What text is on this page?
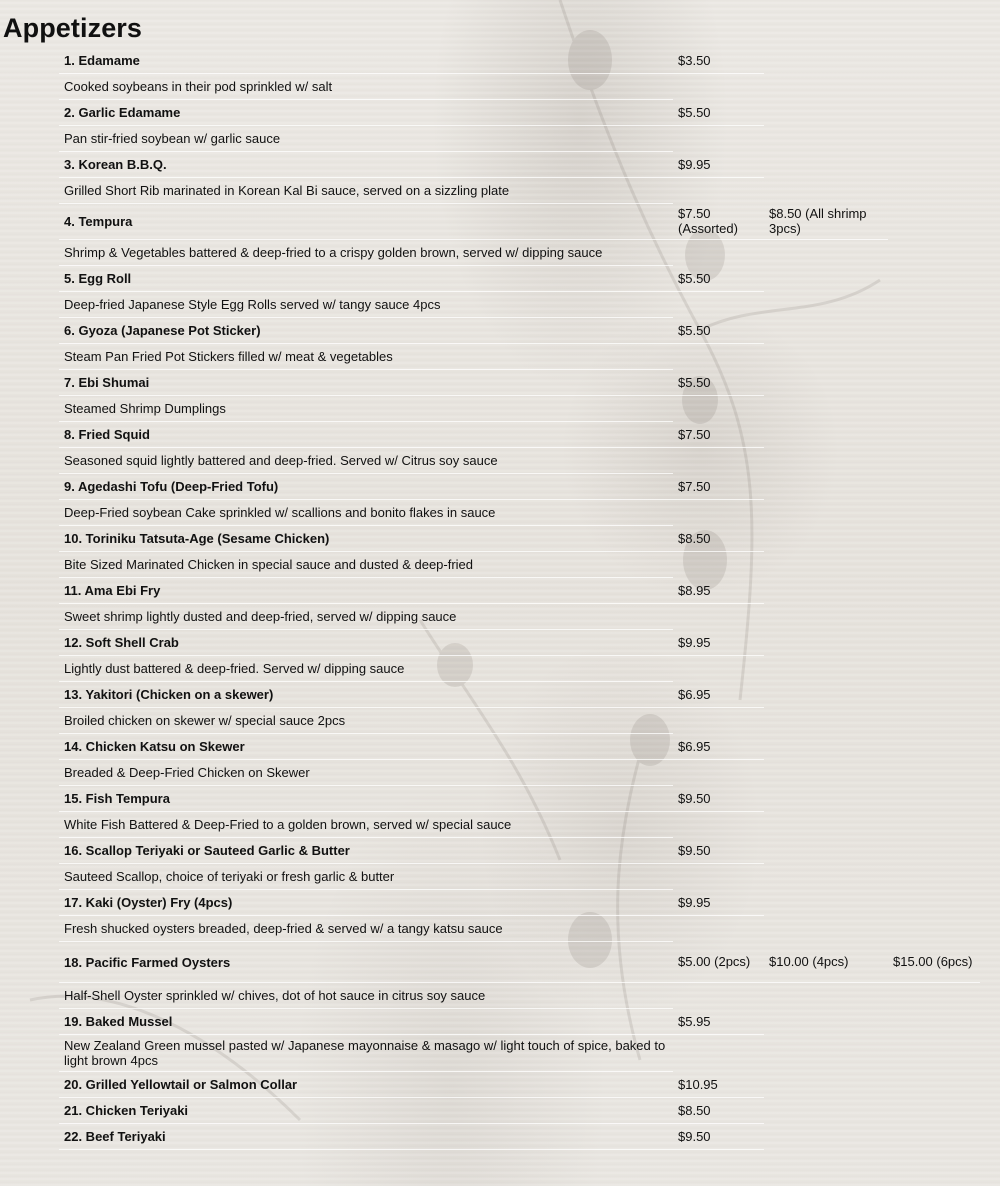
Appetizers
1. Edamame	$3.50		
Cooked soybeans in their pod sprinkled w/ salt			
2. Garlic Edamame	$5.50		
Pan stir-fried soybean w/ garlic sauce			
3. Korean B.B.Q.	$9.95		
Grilled Short Rib marinated in Korean Kal Bi sauce, served on a sizzling plate			
4. Tempura	$7.50 (Assorted)	$8.50 (All shrimp 3pcs)	
Shrimp & Vegetables battered & deep-fried to a crispy golden brown, served w/ dipping sauce			
5. Egg Roll	$5.50		
Deep-fried Japanese Style Egg Rolls served w/ tangy sauce 4pcs			
6. Gyoza (Japanese Pot Sticker)	$5.50		
Steam Pan Fried Pot Stickers filled w/ meat & vegetables			
7. Ebi Shumai	$5.50		
Steamed Shrimp Dumplings			
8. Fried Squid	$7.50		
Seasoned squid lightly battered and deep-fried. Served w/ Citrus soy sauce			
9. Agedashi Tofu (Deep-Fried Tofu)	$7.50		
Deep-Fried soybean Cake sprinkled w/ scallions and bonito flakes in sauce			
10. Toriniku Tatsuta-Age (Sesame Chicken)	$8.50		
Bite Sized Marinated Chicken in special sauce and dusted & deep-fried			
11. Ama Ebi Fry	$8.95		
Sweet shrimp lightly dusted and deep-fried, served w/ dipping sauce			
12. Soft Shell Crab	$9.95		
Lightly dust battered & deep-fried. Served w/ dipping sauce			
13. Yakitori (Chicken on a skewer)	$6.95		
Broiled chicken on skewer w/ special sauce 2pcs			
14. Chicken Katsu on Skewer	$6.95		
Breaded & Deep-Fried Chicken on Skewer			
15. Fish Tempura	$9.50		
White Fish Battered & Deep-Fried to a golden brown, served w/ special sauce			
16. Scallop Teriyaki or Sauteed Garlic & Butter	$9.50		
Sauteed Scallop, choice of teriyaki or fresh garlic & butter			
17. Kaki (Oyster) Fry (4pcs)	$9.95		
Fresh shucked oysters breaded, deep-fried & served w/ a tangy katsu sauce			
18. Pacific Farmed Oysters	$5.00 (2pcs)	$10.00 (4pcs)	$15.00 (6pcs)
Half-Shell Oyster sprinkled w/ chives, dot of hot sauce in citrus soy sauce			
19. Baked Mussel	$5.95		
New Zealand Green mussel pasted w/ Japanese mayonnaise & masago w/ light touch of spice, baked to light brown 4pcs			
20. Grilled Yellowtail or Salmon Collar	$10.95		
21. Chicken Teriyaki	$8.50		
22. Beef Teriyaki	$9.50		
